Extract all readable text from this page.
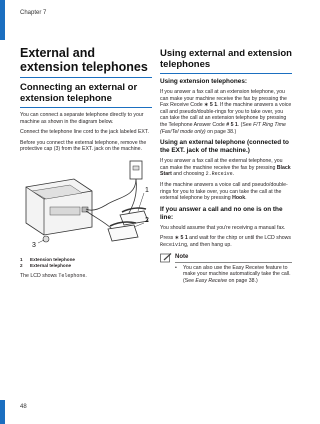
Chapter 7
48
External and extension telephones
Connecting an external or extension telephone

You can connect a separate telephone directly to your machine as shown in the diagram below.

Connect the telephone line cord to the jack labeled EXT.

Before you connect the external telephone, remove the protective cap (3) from the EXT. jack on the machine.

1
2
3
1 Extension telephone
2 External telephone

The LCD shows Telephone.

Using external and extension telephones
Using extension telephones:

If you answer a fax call at an extension telephone, you can make your machine receive the fax by pressing the Fax Receive Code ∗ 5 1. If the machine answers a voice call and pseudo/double-rings for you to take over, you can take the call at an extension telephone by pressing the Telephone Answer Code # 5 1. (See F/T Ring Time (Fax/Tel mode only) on page 38.)

Using an external telephone (connected to the EXT. jack of the machine.)

If you answer a fax call at the external telephone, you can make the machine receive the fax by pressing Black Start and choosing 2.Receive.

If the machine answers a voice call and pseudo/double-rings for you to take over, you can take the call at the external telephone by pressing Hook.

If you answer a call and no one is on the line:

You should assume that you're receiving a manual fax.

Press ∗ 5 1 and wait for the chirp or until the LCD shows Receiving, and then hang up.

Note
•	You can also use the Easy Receive feature to make your machine automatically take the call. (See Easy Receive on page 38.)
